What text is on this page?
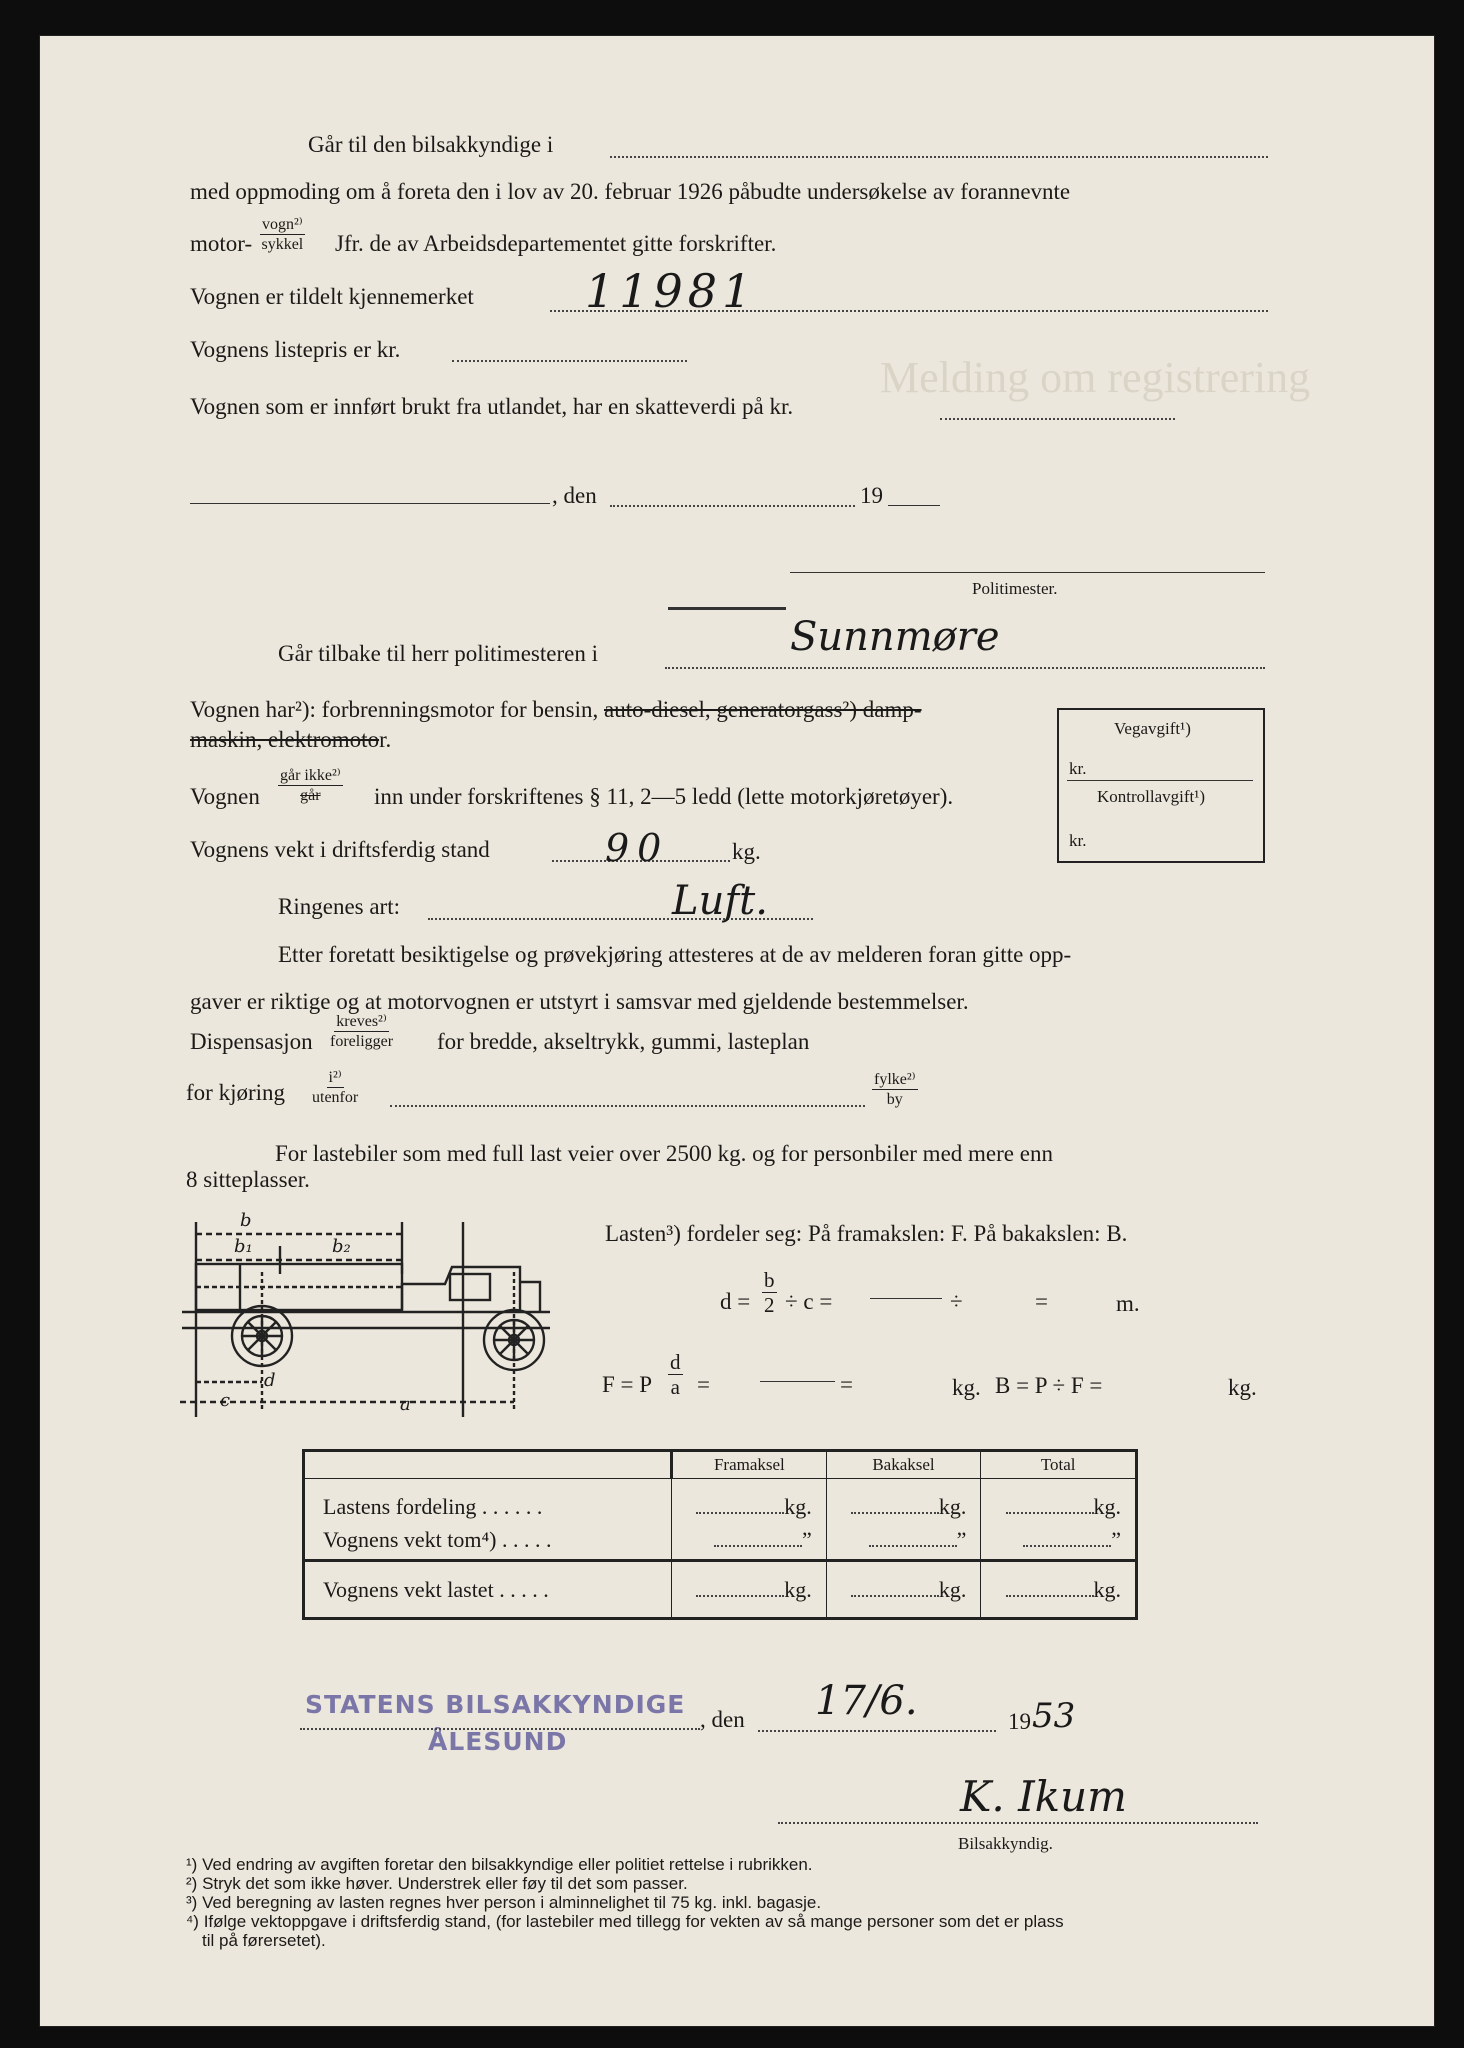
Melding om registrering
Går til den bilsakkyndige i
med oppmoding om å foreta den i lov av 20. februar 1926 påbudte undersøkelse av forannevnte
motor-
vogn²⁾
sykkel Jfr. de av Arbeidsdepartementet gitte forskrifter.
Vognen er tildelt kjennemerket 11981
Vognens listepris er kr.
Vognen som er innført brukt fra utlandet, har en skatteverdi på kr.
, den	19
Politimester.
Går tilbake til herr politimesteren i	Sunnmøre
Vognen har²): forbrenningsmotor for bensin, auto-diesel, generatorgass²) damp-
maskin, elektromotor.	Vegavgift¹)
kr.
Kontrollavgift¹)
kr.
Vognen
går ikke²⁾
går inn under forskriftenes § 11, 2—5 ledd (lette motorkjøretøyer).
Vognens vekt i driftsferdig stand	90	kg.
Ringenes art:	Luft.
Etter foretatt besiktigelse og prøvekjøring attesteres at de av melderen foran gitte opp-
gaver er riktige og at motorvognen er utstyrt i samsvar med gjeldende bestemmelser.
Dispensasjon
kreves²⁾
foreligger for bredde, akseltrykk, gummi, lasteplan
for kjøring
i²⁾
utenfor
fylke²⁾
by
For lastebiler som med full last veier over 2500 kg. og for personbiler med mere enn
8 sitteplasser.
b
b₁	b₂
c
d
a
Lasten³) fordeler seg: På framakslen: F. På bakakslen: B.
$d = \frac{b}{2} \div c$ =	÷	=	m.
F = P $\frac{d}{a}$ =	=	kg. B = P ÷ F =	kg.
	Framaksel	Bakaksel	Total
Lastens fordeling . . . . . .	kg.	kg.	kg.
Vognens vekt tom⁴) . . . . .	”	”	”
Vognens vekt lastet . . . . .	kg.	kg.	kg.
STATENS BILSAKKYNDIGE
ÅLESUND
, den 17/6.	19 53
K. Ikum
Bilsakkyndig.
¹) Ved endring av avgiften foretar den bilsakkyndige eller politiet rettelse i rubrikken.
²) Stryk det som ikke høver. Understrek eller føy til det som passer.
³) Ved beregning av lasten regnes hver person i alminnelighet til 75 kg. inkl. bagasje.
⁴) Ifølge vektoppgave i driftsferdig stand, (for lastebiler med tillegg for vekten av så mange personer som det er plass
til på førersetet).
